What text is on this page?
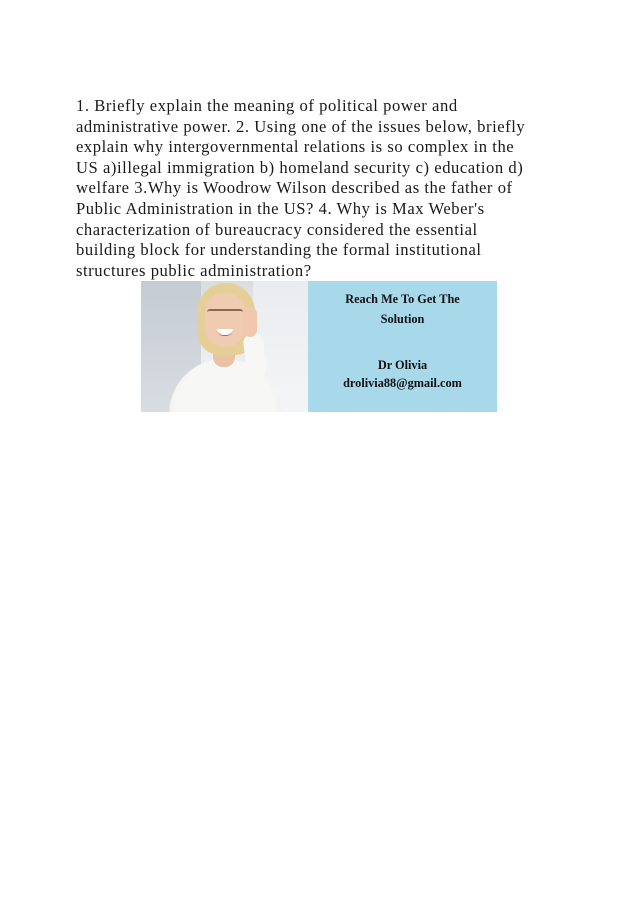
1. Briefly explain the meaning of political power and
administrative power. 2. Using one of the issues below, briefly
explain why intergovernmental relations is so complex in the
US a)illegal immigration b) homeland security c) education d)
welfare 3.Why is Woodrow Wilson described as the father of
Public Administration in the US? 4. Why is Max Weber's
characterization of bureaucracy considered the essential
building block for understanding the formal institutional
structures public administration?

Reach Me To Get The
Solution
Dr Olivia
drolivia88@gmail.com
